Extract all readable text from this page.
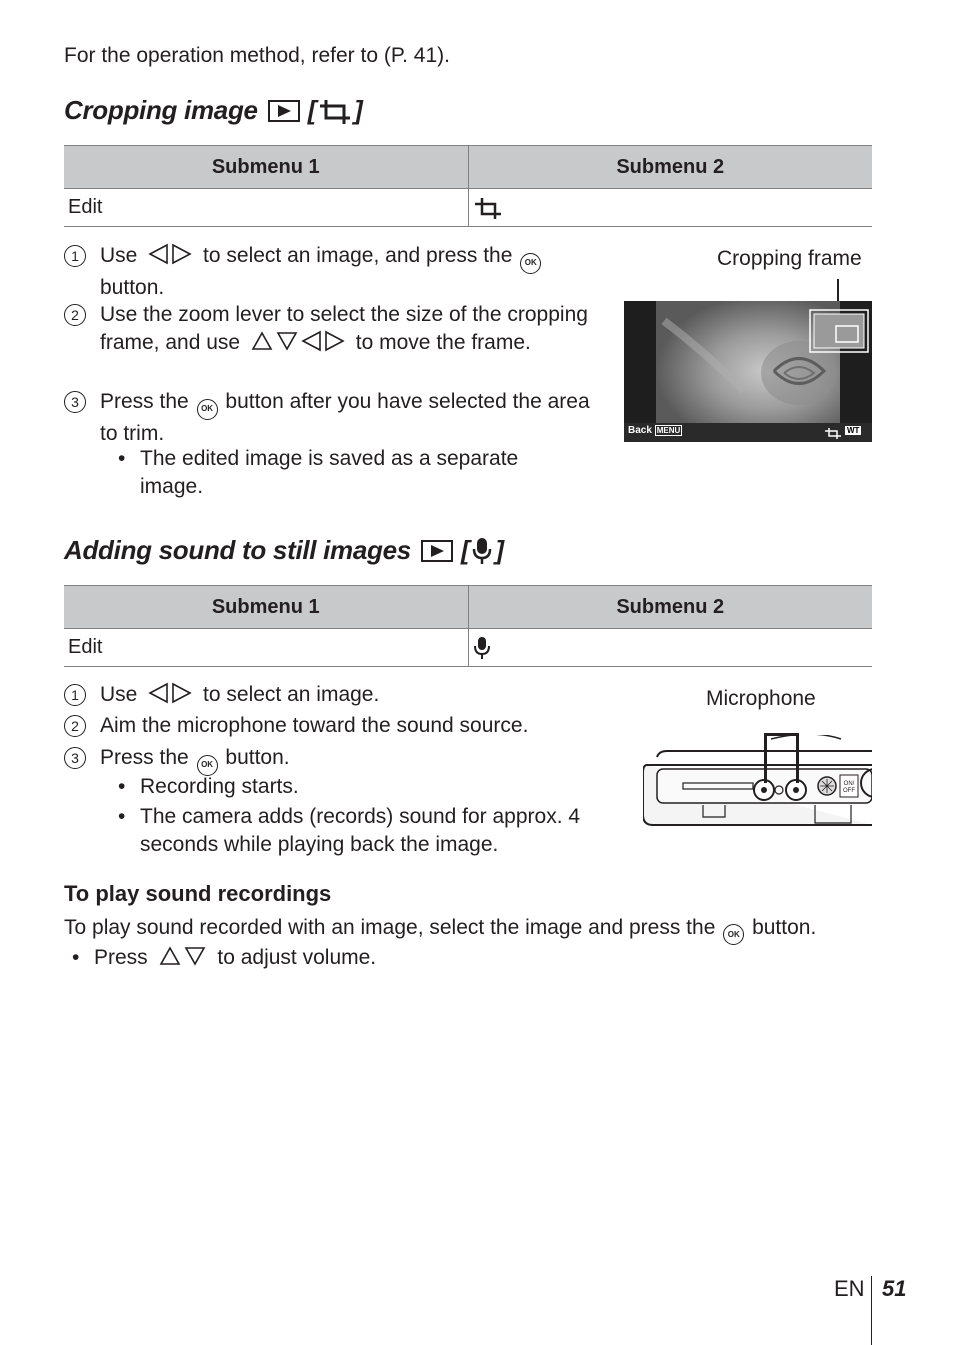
For the operation method, refer to (P. 41).
Cropping image [ ]
Submenu 1	Submenu 2
Edit	
1	Use	to select an image, and press the OK
button.
2	Use the zoom lever to select the size of the cropping frame, and use	to move the frame.
3	Press the OK button after you have selected the area to trim.
• The edited image is saved as a separate image.
Cropping frame
Back MENU	WT
Adding sound to still images [ ]
Submenu 1	Submenu 2
Edit	
1	Use	to select an image.
2	Aim the microphone toward the sound source.
3	Press the OK button.
• Recording starts.
• The camera adds (records) sound for approx. 4 seconds while playing back the image.
Microphone
ON/
OFF
To play sound recordings
To play sound recorded with an image, select the image and press the OK button.
• Press	to adjust volume.
EN 51
